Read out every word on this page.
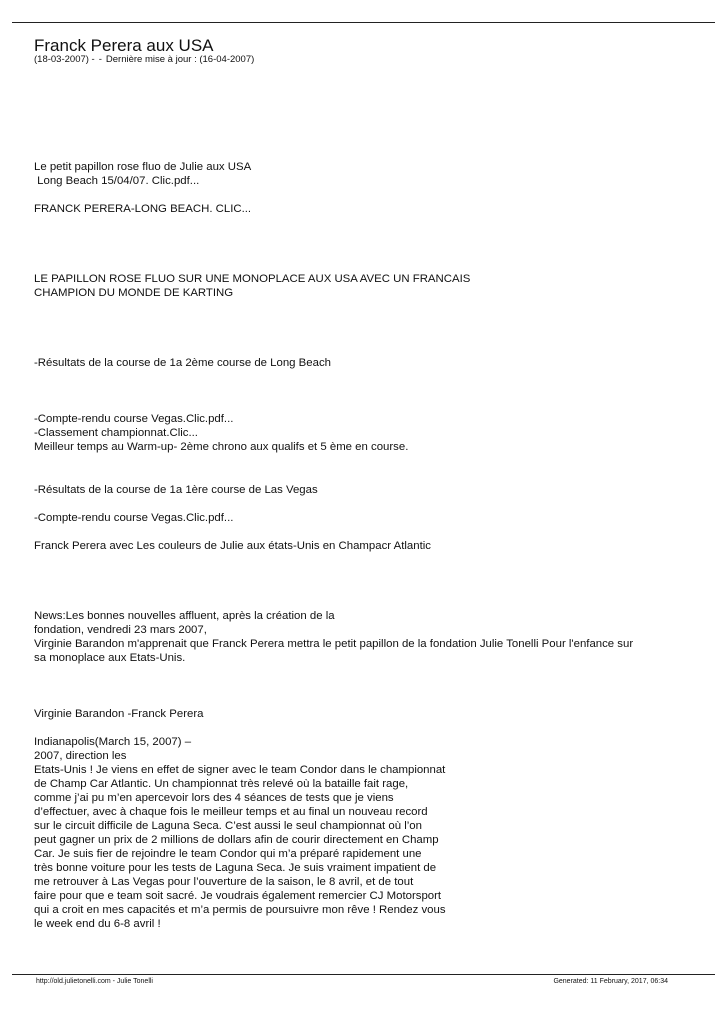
Franck Perera aux USA
(18-03-2007) - - Dernière mise à jour : (16-04-2007)
Le petit papillon rose fluo de Julie aux USA
Long Beach 15/04/07. Clic.pdf...
FRANCK PERERA-LONG BEACH. CLIC...
LE PAPILLON ROSE FLUO SUR UNE MONOPLACE AUX USA AVEC UN FRANCAIS
CHAMPION DU MONDE DE KARTING
-Résultats de la course de 1a 2ème course de Long Beach
-Compte-rendu course Vegas.Clic.pdf...
-Classement championnat.Clic...
Meilleur temps au Warm-up- 2ème chrono aux qualifs et 5 ème en course.
-Résultats de la course de 1a 1ère course de Las Vegas
-Compte-rendu course Vegas.Clic.pdf...
Franck Perera avec Les couleurs de Julie aux états-Unis en Champacr Atlantic
News:Les bonnes nouvelles affluent, après la création de la
fondation, vendredi 23 mars 2007,
Virginie Barandon m'apprenait que Franck Perera mettra le petit papillon de la fondation Julie Tonelli Pour l'enfance sur
sa monoplace aux Etats-Unis.
Virginie Barandon -Franck Perera
Indianapolis(March 15, 2007) –
2007, direction les
Etats-Unis ! Je viens en effet de signer avec le team Condor dans le championnat
de Champ Car Atlantic. Un championnat très relevé où la bataille fait rage,
comme j’ai pu m’en apercevoir lors des 4 séances de tests que je viens
d’effectuer, avec à chaque fois le meilleur temps et au final un nouveau record
sur le circuit difficile de Laguna Seca. C’est aussi le seul championnat où l’on
peut gagner un prix de 2 millions de dollars afin de courir directement en Champ
Car. Je suis fier de rejoindre le team Condor qui m’a préparé rapidement une
très bonne voiture pour les tests de Laguna Seca. Je suis vraiment impatient de
me retrouver à Las Vegas pour l’ouverture de la saison, le 8 avril, et de tout
faire pour que e team soit sacré. Je voudrais également remercier CJ Motorsport
qui a croit en mes capacités et m’a permis de poursuivre mon rêve ! Rendez vous
le week end du 6-8 avril !
http://old.julietonelli.com - Julie Tonelli	Generated: 11 February, 2017, 06:34
